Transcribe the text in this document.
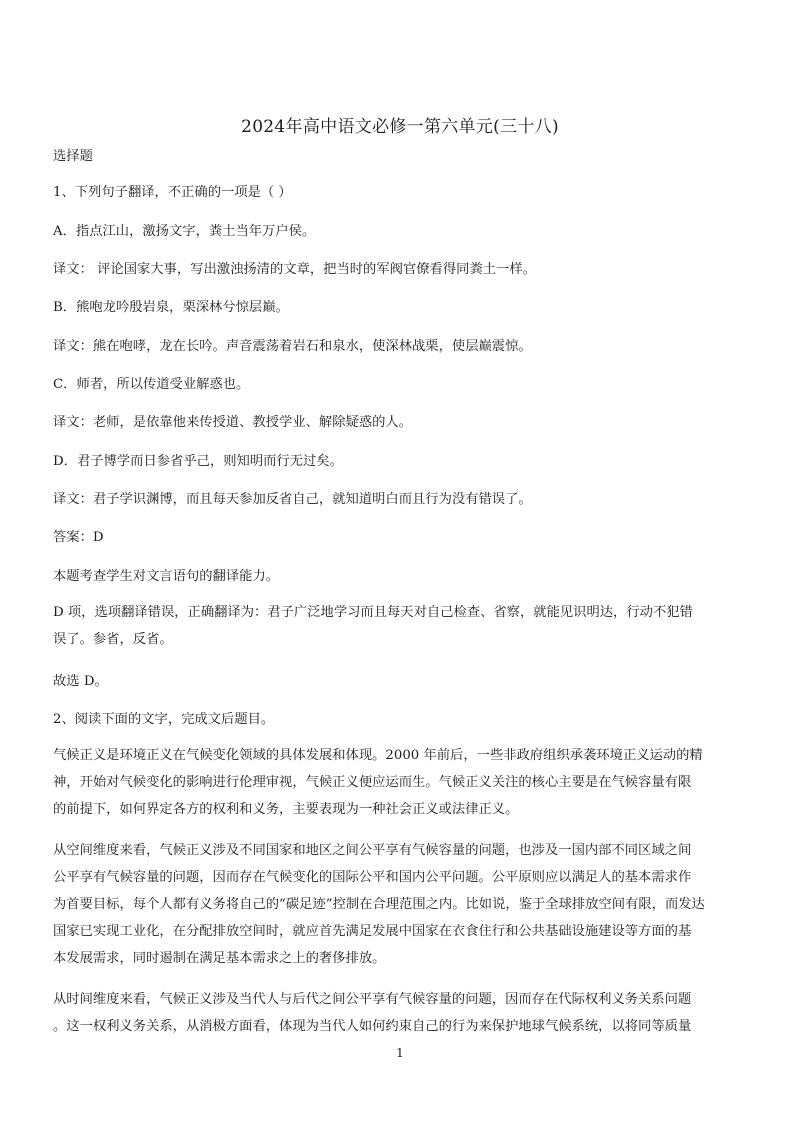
2024年高中语文必修一第六单元(三十八)
选择题
1、下列句子翻译，不正确的一项是（ ）
A．指点江山，激扬文字，粪土当年万户侯。
译文： 评论国家大事，写出激浊扬清的文章，把当时的军阀官僚看得同粪土一样。
B．熊咆龙吟殷岩泉，栗深林兮惊层巅。
译文：熊在咆哮，龙在长吟。声音震荡着岩石和泉水，使深林战栗，使层巅震惊。
C．师者，所以传道受业解惑也。
译文：老师，是依靠他来传授道、教授学业、解除疑惑的人。
D．君子博学而日参省乎己，则知明而行无过矣。
译文：君子学识渊博，而且每天参加反省自己，就知道明白而且行为没有错误了。
答案：D
本题考查学生对文言语句的翻译能力。
D 项，选项翻译错误，正确翻译为：君子广泛地学习而且每天对自己检查、省察，就能见识明达，行动不犯错
误了。参省，反省。
故选 D。
2、阅读下面的文字，完成文后题目。
气候正义是环境正义在气候变化领域的具体发展和体现。2000 年前后，一些非政府组织承袭环境正义运动的精
神，开始对气候变化的影响进行伦理审视，气候正义便应运而生。气候正义关注的核心主要是在气候容量有限
的前提下，如何界定各方的权利和义务，主要表现为一种社会正义或法律正义。
从空间维度来看，气候正义涉及不同国家和地区之间公平享有气候容量的问题，也涉及一国内部不同区域之间
公平享有气候容量的问题，因而存在气候变化的国际公平和国内公平问题。公平原则应以满足人的基本需求作
为首要目标，每个人都有义务将自己的“碳足迹”控制在合理范围之内。比如说，鉴于全球排放空间有限，而发达
国家已实现工业化，在分配排放空间时，就应首先满足发展中国家在衣食住行和公共基础设施建设等方面的基
本发展需求，同时遏制在满足基本需求之上的奢侈排放。
从时间维度来看，气候正义涉及当代人与后代之间公平享有气候容量的问题，因而存在代际权利义务关系问题
。这一权利义务关系，从消极方面看，体现为当代人如何约束自己的行为来保护地球气候系统，以将同等质量
1
